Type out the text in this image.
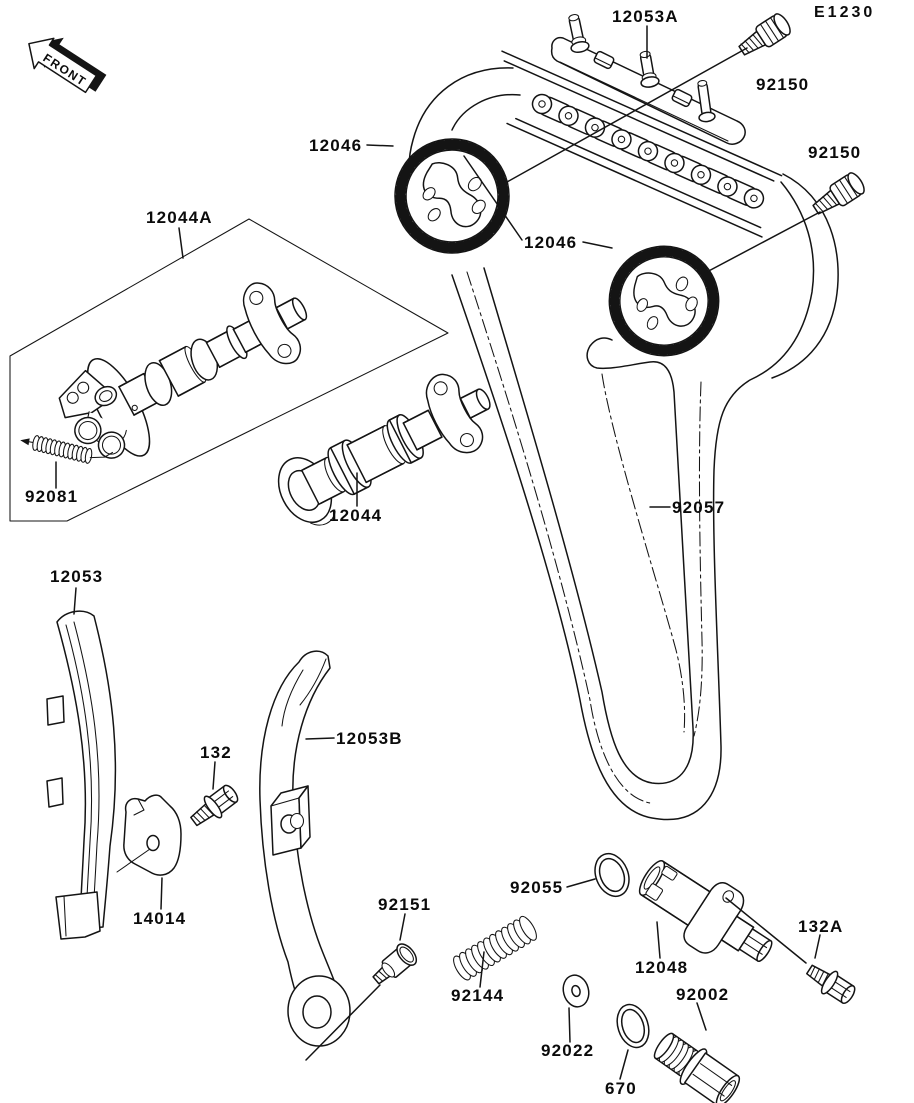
E1230
12053A
92150
92150
12046
12046
12044A
92081
12044	92057
12053
132
12053B
14014
92151
92144
92055
12048
132A
92002
92022
670
FRONT
